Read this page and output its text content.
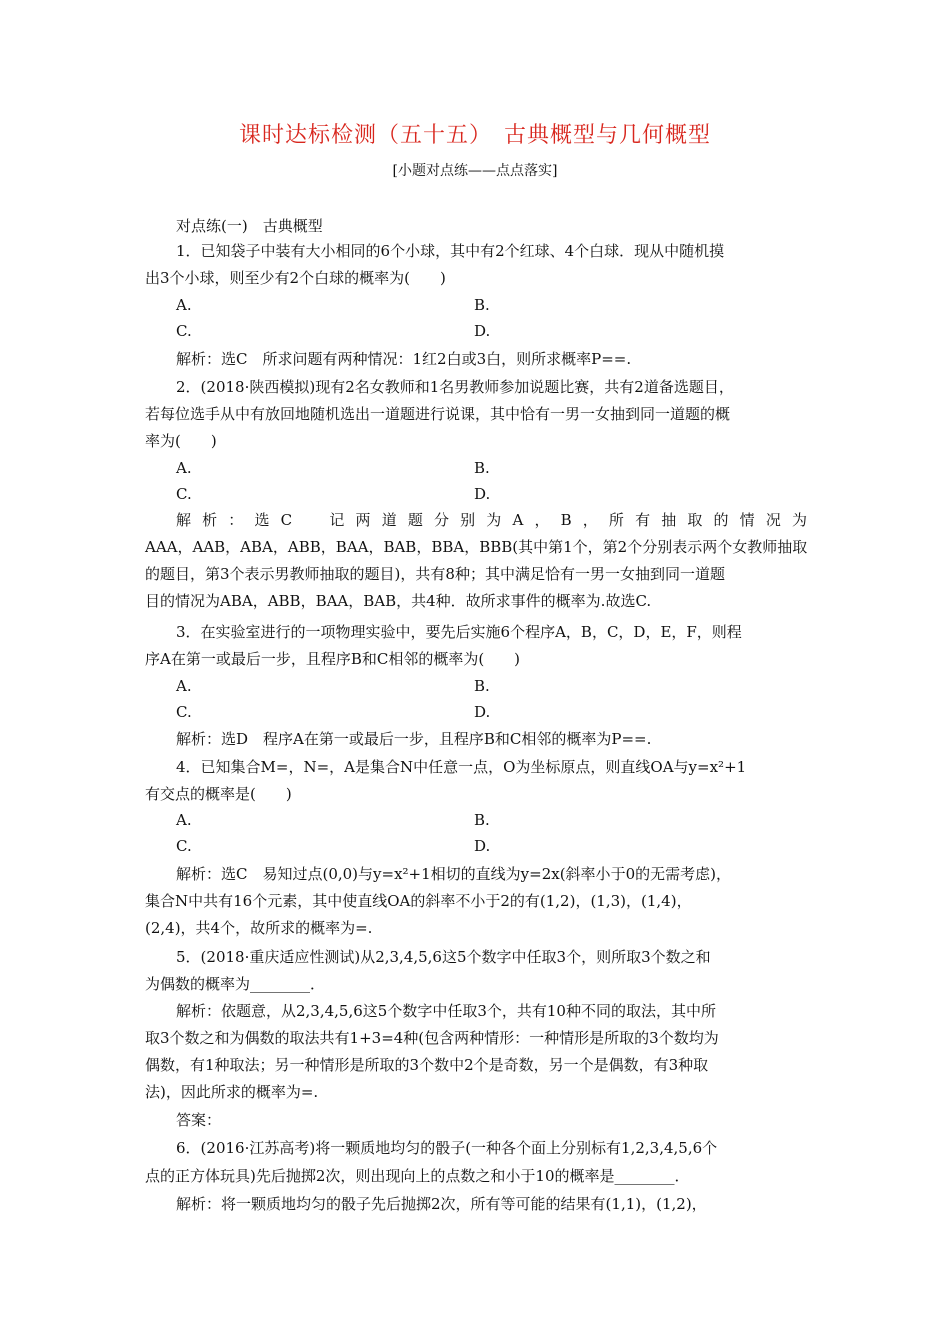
课时达标检测（五十五）　古典概型与几何概型
[小题对点练——点点落实]
对点练(一)　古典概型
1．已知袋子中装有大小相同的6个小球，其中有2个红球、4个白球．现从中随机摸
出3个小球，则至少有2个白球的概率为(　　)
A.	B.
C.	D.
解析：选C　所求问题有两种情况：1红2白或3白，则所求概率P==.
2．(2018·陕西模拟)现有2名女教师和1名男教师参加说题比赛，共有2道备选题目，
若每位选手从中有放回地随机选出一道题进行说课，其中恰有一男一女抽到同一道题的概
率为(　　)
A.	B.
C.	D.
解析：选C　记两道题分别为A，B，所有抽取的情况为
AAA，AAB，ABA，ABB，BAA，BAB，BBA，BBB(其中第1个，第2个分别表示两个女教师抽取
的题目，第3个表示男教师抽取的题目)，共有8种；其中满足恰有一男一女抽到同一道题
目的情况为ABA，ABB，BAA，BAB，共4种．故所求事件的概率为.故选C.
3．在实验室进行的一项物理实验中，要先后实施6个程序A，B，C，D，E，F，则程
序A在第一或最后一步，且程序B和C相邻的概率为(　　)
A.	B.
C.	D.
解析：选D　程序A在第一或最后一步，且程序B和C相邻的概率为P==.
4．已知集合M=，N=，A是集合N中任意一点，O为坐标原点，则直线OA与y=x²+1
有交点的概率是(　　)
A.	B.
C.	D.
解析：选C　易知过点(0,0)与y=x²+1相切的直线为y=2x(斜率小于0的无需考虑)，
集合N中共有16个元素，其中使直线OA的斜率不小于2的有(1,2)，(1,3)，(1,4)，
(2,4)，共4个，故所求的概率为=.
5．(2018·重庆适应性测试)从2,3,4,5,6这5个数字中任取3个，则所取3个数之和
为偶数的概率为________．
解析：依题意，从2,3,4,5,6这5个数字中任取3个，共有10种不同的取法，其中所
取3个数之和为偶数的取法共有1+3=4种(包含两种情形：一种情形是所取的3个数均为
偶数，有1种取法；另一种情形是所取的3个数中2个是奇数，另一个是偶数，有3种取
法)，因此所求的概率为=.
答案：
6．(2016·江苏高考)将一颗质地均匀的骰子(一种各个面上分别标有1,2,3,4,5,6个
点的正方体玩具)先后抛掷2次，则出现向上的点数之和小于10的概率是________．
解析：将一颗质地均匀的骰子先后抛掷2次，所有等可能的结果有(1,1)，(1,2)，
